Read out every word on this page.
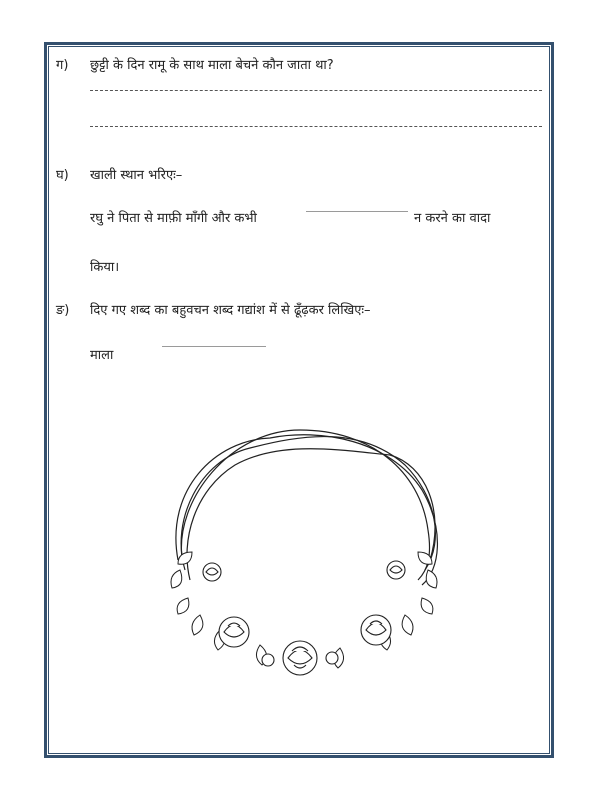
ग) छुट्टी के दिन रामू के साथ माला बेचने कौन जाता था?
घ) खाली स्थान भरिएः–
रघु ने पिता से माफ़ी माँगी और कभी	न करने का वादा
किया।
ङ) दिए गए शब्द का बहुवचन शब्द गद्यांश में से ढूँढ़कर लिखिएः–
माला
